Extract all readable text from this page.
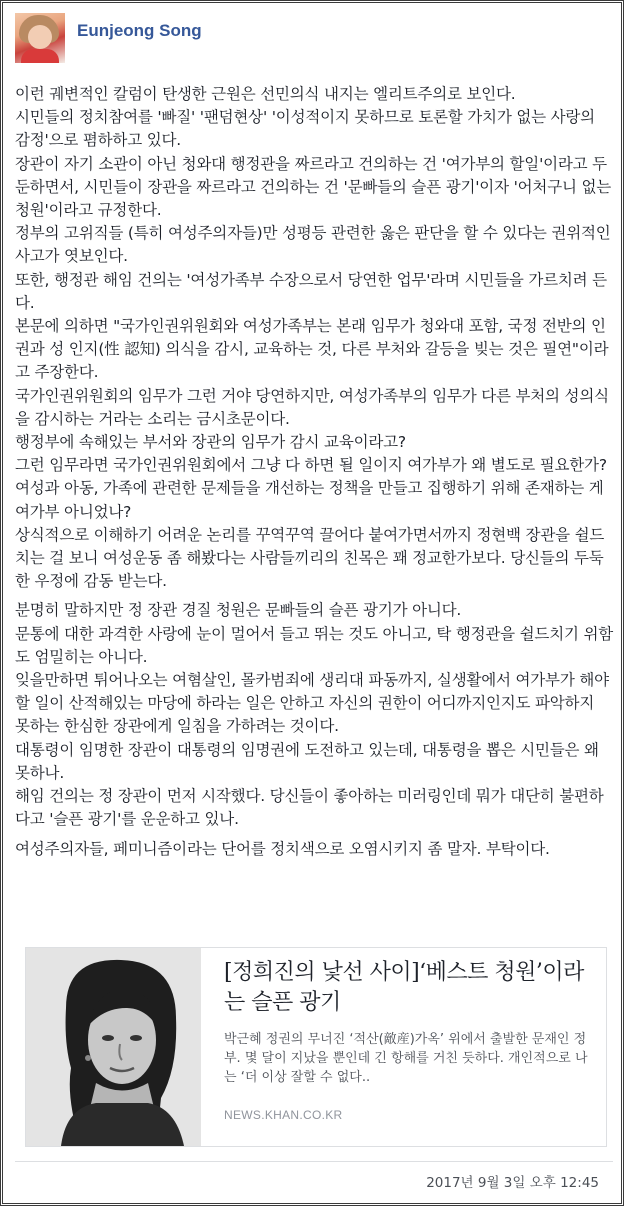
Eunjeong Song

이런 궤변적인 칼럼이 탄생한 근원은 선민의식 내지는 엘리트주의로 보인다.

시민들의 정치참여를 '빠질' '팬덤현상' '이성적이지 못하므로 토론할 가치가 없는 사랑의 감정'으로 폄하하고 있다.

장관이 자기 소관이 아닌 청와대 행정관을 짜르라고 건의하는 건 '여가부의 할일'이라고 두둔하면서, 시민들이 장관을 짜르라고 건의하는 건 '문빠들의 슬픈 광기'이자 '어처구니 없는 청원'이라고 규정한다.

정부의 고위직들 (특히 여성주의자들)만 성평등 관련한 옳은 판단을 할 수 있다는 권위적인 사고가 엿보인다.

또한, 행정관 해임 건의는 '여성가족부 수장으로서 당연한 업무'라며 시민들을 가르치려 든다.

본문에 의하면 "국가인권위원회와 여성가족부는 본래 임무가 청와대 포함, 국정 전반의 인권과 성 인지(性 認知) 의식을 감시, 교육하는 것, 다른 부처와 갈등을 빚는 것은 필연"이라고 주장한다.

국가인권위원회의 임무가 그런 거야 당연하지만, 여성가족부의 임무가 다른 부처의 성의식을 감시하는 거라는 소리는 금시초문이다.

행정부에 속해있는 부서와 장관의 임무가 감시 교육이라고?

그런 임무라면 국가인권위원회에서 그냥 다 하면 될 일이지 여가부가 왜 별도로 필요한가?

여성과 아동, 가족에 관련한 문제들을 개선하는 정책을 만들고 집행하기 위해 존재하는 게 여가부 아니었나?

상식적으로 이해하기 어려운 논리를 꾸역꾸역 끌어다 붙여가면서까지 정현백 장관을 쉴드치는 걸 보니 여성운동 좀 해봤다는 사람들끼리의 친목은 꽤 정교한가보다. 당신들의 두둑한 우정에 감동 받는다.

분명히 말하지만 정 장관 경질 청원은 문빠들의 슬픈 광기가 아니다.

문통에 대한 과격한 사랑에 눈이 멀어서 들고 뛰는 것도 아니고, 탁 행정관을 쉴드치기 위함도 엄밀히는 아니다.

잊을만하면 튀어나오는 여혐살인, 몰카범죄에 생리대 파동까지, 실생활에서 여가부가 해야할 일이 산적해있는 마당에 하라는 일은 안하고 자신의 권한이 어디까지인지도 파악하지 못하는 한심한 장관에게 일침을 가하려는 것이다.

대통령이 임명한 장관이 대통령의 임명권에 도전하고 있는데, 대통령을 뽑은 시민들은 왜 못하나.

해임 건의는 정 장관이 먼저 시작했다. 당신들이 좋아하는 미러링인데 뭐가 대단히 불편하다고 '슬픈 광기'를 운운하고 있나.

여성주의자들, 페미니즘이라는 단어를 정치색으로 오염시키지 좀 말자. 부탁이다.

[정희진의 낯선 사이]‘베스트 청원’이라는 슬픈 광기
박근혜 정권의 무너진 ‘적산(敵産)가옥’ 위에서 출발한 문재인 정부. 몇 달이 지났을 뿐인데 긴 항해를 거친 듯하다. 개인적으로 나는 ‘더 이상 잘할 수 없다..
NEWS.KHAN.CO.KR
2017년 9월 3일 오후 12:45
